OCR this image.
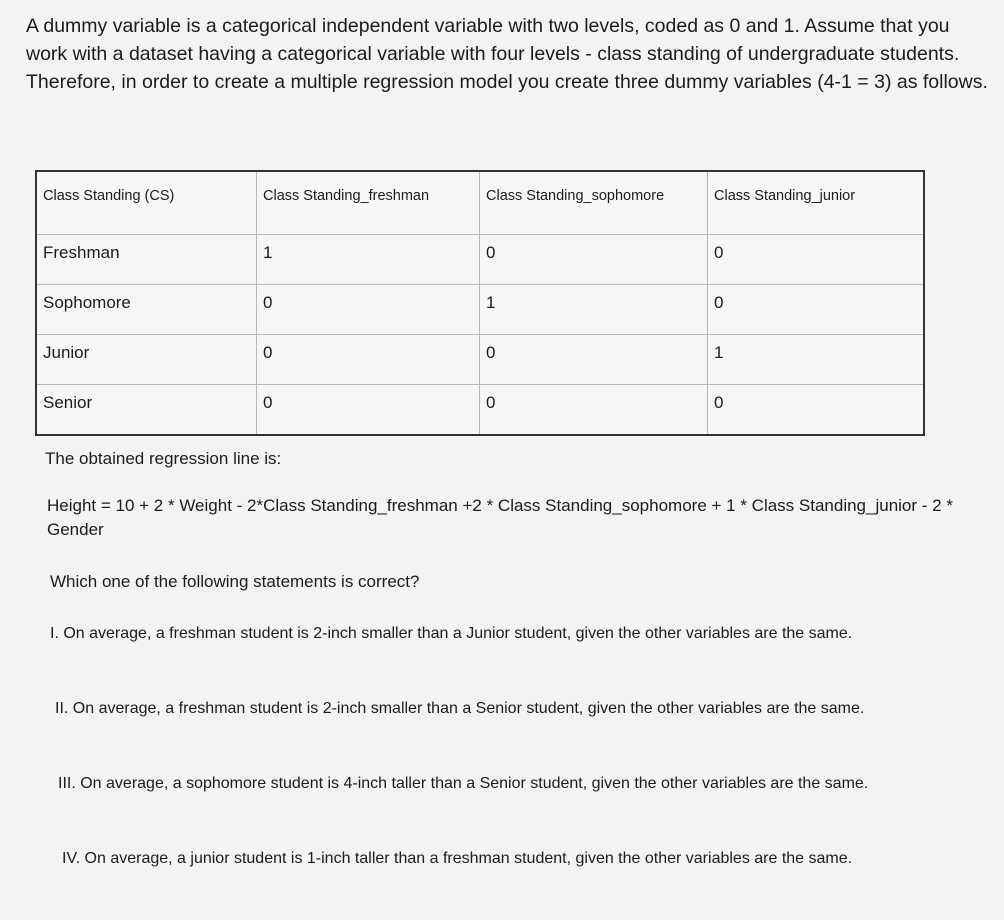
A dummy variable is a categorical independent variable with two levels, coded as 0 and 1. Assume that you work with a dataset having a categorical variable with four levels - class standing of undergraduate students. Therefore, in order to create a multiple regression model you create three dummy variables (4-1 = 3) as follows.
Class Standing (CS)	Class Standing_freshman	Class Standing_sophomore	Class Standing_junior
Freshman	1	0	0
Sophomore	0	1	0
Junior	0	0	1
Senior	0	0	0
The obtained regression line is:
Height = 10 + 2 * Weight - 2*Class Standing_freshman +2 * Class Standing_sophomore + 1 * Class Standing_junior - 2 * Gender
Which one of the following statements is correct?
I. On average, a freshman student is 2-inch smaller than a Junior student, given the other variables are the same.
II. On average, a freshman student is 2-inch smaller than a Senior student, given the other variables are the same.
III. On average, a sophomore student is 4-inch taller than a Senior student, given the other variables are the same.
IV. On average, a junior student is 1-inch taller than a freshman student, given the other variables are the same.
